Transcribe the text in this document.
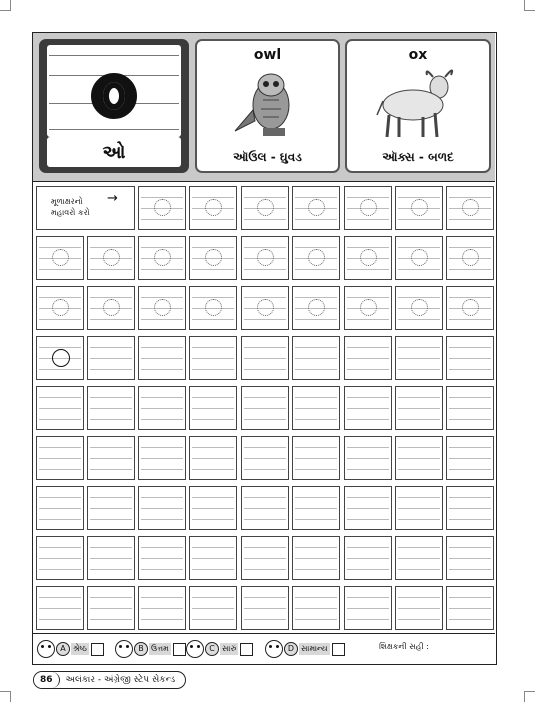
ઓ
owl
ઑઉલ - ઘુવડ
ox
ઑક્સ - બળદ
મૂળાક્ષરનો
મહાવરો કરો
→
A શ્રેષ્ઠ	B ઉત્તમ	C સારું	D સામાન્ય	શિક્ષકની સહી :
86	અલંકાર - અંગ્રેજી સ્ટેપ સેકન્ડ
